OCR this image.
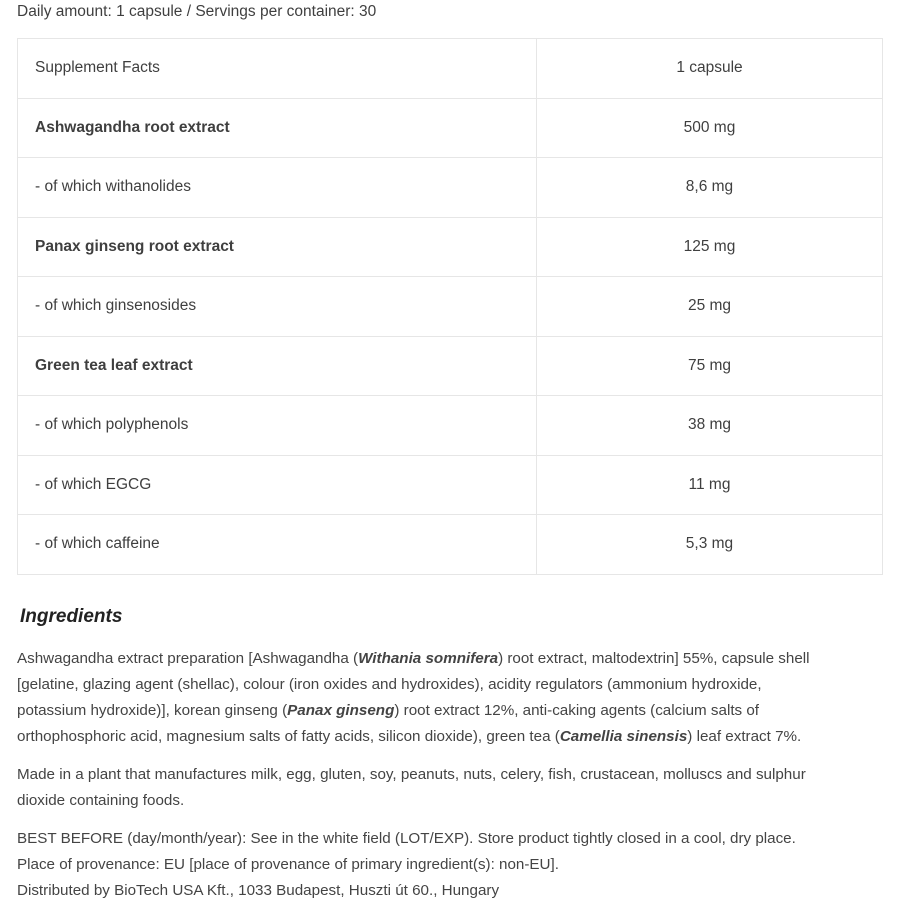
Daily amount: 1 capsule / Servings per container: 30
Supplement Facts	1 capsule
Ashwagandha root extract	500 mg
- of which withanolides	8,6 mg
Panax ginseng root extract	125 mg
- of which ginsenosides	25 mg
Green tea leaf extract	75 mg
- of which polyphenols	38 mg
- of which EGCG	11 mg
- of which caffeine	5,3 mg
Ingredients
Ashwagandha extract preparation [Ashwagandha (Withania somnifera) root extract, maltodextrin] 55%, capsule shell
[gelatine, glazing agent (shellac), colour (iron oxides and hydroxides), acidity regulators (ammonium hydroxide,
potassium hydroxide)], korean ginseng (Panax ginseng) root extract 12%, anti-caking agents (calcium salts of
orthophosphoric acid, magnesium salts of fatty acids, silicon dioxide), green tea (Camellia sinensis) leaf extract 7%.
Made in a plant that manufactures milk, egg, gluten, soy, peanuts, nuts, celery, fish, crustacean, molluscs and sulphur
dioxide containing foods.
BEST BEFORE (day/month/year): See in the white field (LOT/EXP). Store product tightly closed in a cool, dry place.
Place of provenance: EU [place of provenance of primary ingredient(s): non-EU].
Distributed by BioTech USA Kft., 1033 Budapest, Huszti út 60., Hungary
